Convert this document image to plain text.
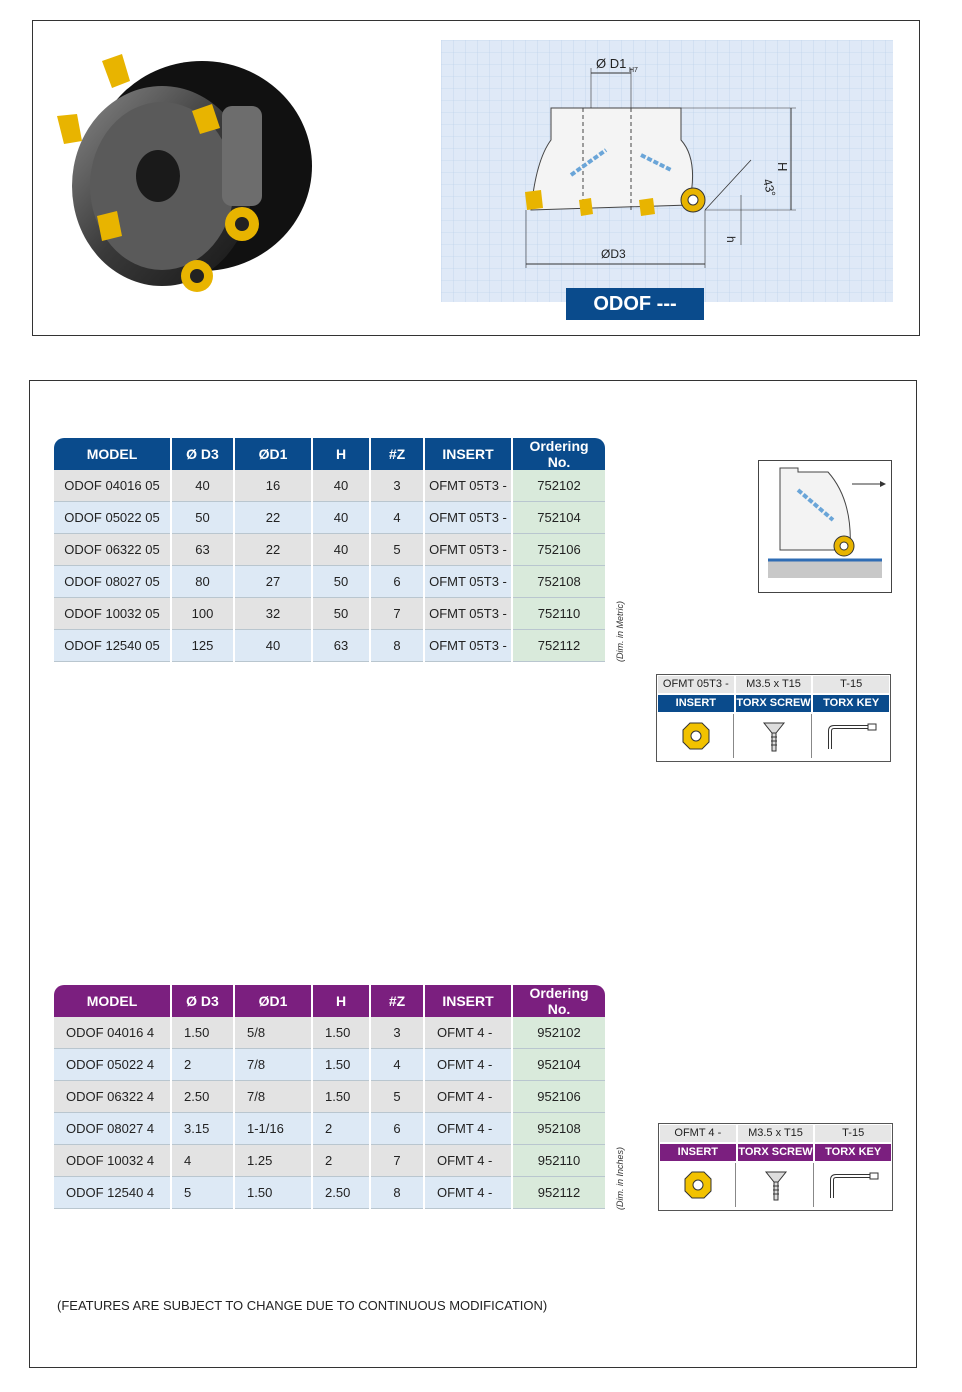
Ø D1 H7
H
43°
h
ØD3
ODOF ---
MODEL	Ø D3	ØD1	H	#Z	INSERT	Ordering No.
ODOF 04016 05	40	16	40	3	OFMT 05T3 -	752102
ODOF 05022 05	50	22	40	4	OFMT 05T3 -	752104
ODOF 06322 05	63	22	40	5	OFMT 05T3 -	752106
ODOF 08027 05	80	27	50	6	OFMT 05T3 -	752108
ODOF 10032 05	100	32	50	7	OFMT 05T3 -	752110
ODOF 12540 05	125	40	63	8	OFMT 05T3 -	752112	(Dim. in Metric)
OFMT 05T3 -	M3.5 x T15	T-15
INSERT	TORX SCREW	TORX KEY
MODEL	Ø D3	ØD1	H	#Z	INSERT	Ordering No.
ODOF 04016 4	1.50	5/8	1.50	3	OFMT 4 -	952102
ODOF 05022 4	2	7/8	1.50	4	OFMT 4 -	952104
ODOF 06322 4	2.50	7/8	1.50	5	OFMT 4 -	952106
ODOF 08027 4	3.15	1-1/16	2	6	OFMT 4 -	952108
ODOF 10032 4	4	1.25	2	7	OFMT 4 -	952110
ODOF 12540 4	5	1.50	2.50	8	OFMT 4 -	952112	(Dim. in Inches)
OFMT 4 -	M3.5 x T15	T-15
INSERT	TORX SCREW	TORX KEY
(FEATURES ARE SUBJECT TO CHANGE DUE TO CONTINUOUS MODIFICATION)
